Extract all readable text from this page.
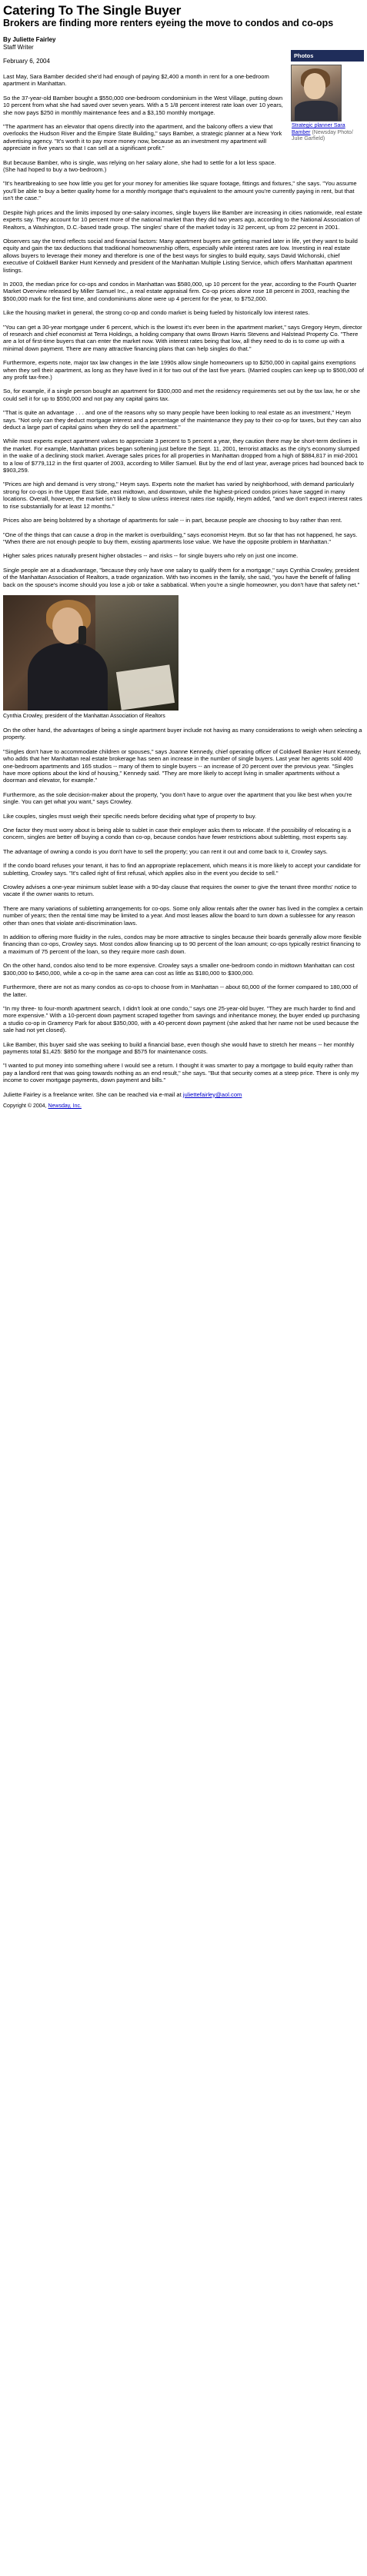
Catering To The Single Buyer
Brokers are finding more renters eyeing the move to condos and co-ops
By Juliette Fairley
Staff Writer
February 6, 2004
Photos
Strategic planner Sara Bamber (Newsday Photo/ Julie Garfield)

Last May, Sara Bamber decided she'd had enough of paying $2,400 a month in rent for a one-bedroom apartment in Manhattan.

So the 37-year-old Bamber bought a $550,000 one-bedroom condominium in the West Village, putting down 10 percent from what she had saved over seven years. With a 5 1/8 percent interest rate loan over 10 years, she now pays $250 in monthly maintenance fees and a $3,150 monthly mortgage.

"The apartment has an elevator that opens directly into the apartment, and the balcony offers a view that overlooks the Hudson River and the Empire State Building," says Bamber, a strategic planner at a New York advertising agency. "It's worth it to pay more money now, because as an investment my apartment will appreciate in five years so that I can sell at a significant profit."

But because Bamber, who is single, was relying on her salary alone, she had to settle for a lot less space. (She had hoped to buy a two-bedroom.)

"It's heartbreaking to see how little you get for your money for amenities like square footage, fittings and fixtures," she says. "You assume you'll be able to buy a better quality home for a monthly mortgage that's equivalent to the amount you're currently paying in rent, but that isn't the case."

Despite high prices and the limits imposed by one-salary incomes, single buyers like Bamber are increasing in cities nationwide, real estate experts say. They account for 10 percent more of the national market than they did two years ago, according to the National Association of Realtors, a Washington, D.C.-based trade group. The singles' share of the market today is 32 percent, up from 22 percent in 2001.

Observers say the trend reflects social and financial factors: Many apartment buyers are getting married later in life, yet they want to build equity and gain the tax deductions that traditional homeownership offers, especially while interest rates are low. Investing in real estate allows buyers to leverage their money and therefore is one of the best ways for singles to build equity, says David Wichonski, chief executive of Coldwell Banker Hunt Kennedy and president of the Manhattan Multiple Listing Service, which offers Manhattan apartment listings.

In 2003, the median price for co-ops and condos in Manhattan was $580,000, up 10 percent for the year, according to the Fourth Quarter Market Overview released by Miller Samuel Inc., a real estate appraisal firm. Co-op prices alone rose 18 percent in 2003, reaching the $500,000 mark for the first time, and condominiums alone were up 4 percent for the year, to $752,000.

Like the housing market in general, the strong co-op and condo market is being fueled by historically low interest rates.

"You can get a 30-year mortgage under 6 percent, which is the lowest it's ever been in the apartment market," says Gregory Heym, director of research and chief economist at Terra Holdings, a holding company that owns Brown Harris Stevens and Halstead Property Co. "There are a lot of first-time buyers that can enter the market now. With interest rates being that low, all they need to do is to come up with a minimal down payment. There are many attractive financing plans that can help singles do that."

Furthermore, experts note, major tax law changes in the late 1990s allow single homeowners up to $250,000 in capital gains exemptions when they sell their apartment, as long as they have lived in it for two out of the last five years. (Married couples can keep up to $500,000 of any profit tax-free.)

So, for example, if a single person bought an apartment for $300,000 and met the residency requirements set out by the tax law, he or she could sell it for up to $550,000 and not pay any capital gains tax.

"That is quite an advantage . . . and one of the reasons why so many people have been looking to real estate as an investment," Heym says. "Not only can they deduct mortgage interest and a percentage of the maintenance they pay to their co-op for taxes, but they can also deduct a large part of capital gains when they do sell the apartment."

While most experts expect apartment values to appreciate 3 percent to 5 percent a year, they caution there may be short-term declines in the market. For example, Manhattan prices began softening just before the Sept. 11, 2001, terrorist attacks as the city's economy slumped in the wake of a declining stock market. Average sales prices for all properties in Manhattan dropped from a high of $884,817 in mid-2001 to a low of $779,112 in the first quarter of 2003, according to Miller Samuel. But by the end of last year, average prices had bounced back to $903,259.

"Prices are high and demand is very strong," Heym says. Experts note the market has varied by neighborhood, with demand particularly strong for co-ops in the Upper East Side, east midtown, and downtown, while the highest-priced condos prices have sagged in many locations. Overall, however, the market isn't likely to slow unless interest rates rise rapidly, Heym added, "and we don't expect interest rates to rise substantially for at least 12 months."

Prices also are being bolstered by a shortage of apartments for sale -- in part, because people are choosing to buy rather than rent.

"One of the things that can cause a drop in the market is overbuilding," says economist Heym. But so far that has not happened, he says. "When there are not enough people to buy them, existing apartments lose value. We have the opposite problem in Manhattan."

Higher sales prices naturally present higher obstacles -- and risks -- for single buyers who rely on just one income.

Single people are at a disadvantage, "because they only have one salary to qualify them for a mortgage," says Cynthia Crowley, president of the Manhattan Association of Realtors, a trade organization. With two incomes in the family, she said, "you have the benefit of falling back on the spouse's income should you lose a job or take a sabbatical. When you're a single homeowner, you don't have that safety net."

Cynthia Crowley, president of the Manhattan Association of Realtors

On the other hand, the advantages of being a single apartment buyer include not having as many considerations to weigh when selecting a property.

"Singles don't have to accommodate children or spouses," says Joanne Kennedy, chief operating officer of Coldwell Banker Hunt Kennedy, who adds that her Manhattan real estate brokerage has seen an increase in the number of single buyers. Last year her agents sold 400 one-bedroom apartments and 165 studios -- many of them to single buyers -- an increase of 20 percent over the previous year. "Singles have more options about the kind of housing," Kennedy said. "They are more likely to accept living in smaller apartments without a doorman and elevator, for example."

Furthermore, as the sole decision-maker about the property, "you don't have to argue over the apartment that you like best when you're single. You can get what you want," says Crowley.

Like couples, singles must weigh their specific needs before deciding what type of property to buy.

One factor they must worry about is being able to sublet in case their employer asks them to relocate. If the possibility of relocating is a concern, singles are better off buying a condo than co-op, because condos have fewer restrictions about subletting, most experts say.

The advantage of owning a condo is you don't have to sell the property; you can rent it out and come back to it, Crowley says.

If the condo board refuses your tenant, it has to find an appropriate replacement, which means it is more likely to accept your candidate for subletting, Crowley says. "It's called right of first refusal, which applies also in the event you decide to sell."

Crowley advises a one-year minimum sublet lease with a 90-day clause that requires the owner to give the tenant three months' notice to vacate if the owner wants to return.

There are many variations of subletting arrangements for co-ops. Some only allow rentals after the owner has lived in the complex a certain number of years; then the rental time may be limited to a year. And most leases allow the board to turn down a sublessee for any reason other than ones that violate anti-discrimination laws.

In addition to offering more fluidity in the rules, condos may be more attractive to singles because their boards generally allow more flexible financing than co-ops, Crowley says. Most condos allow financing up to 90 percent of the loan amount; co-ops typically restrict financing to a maximum of 75 percent of the loan, so they require more cash down.

On the other hand, condos also tend to be more expensive. Crowley says a smaller one-bedroom condo in midtown Manhattan can cost $300,000 to $450,000, while a co-op in the same area can cost as little as $180,000 to $300,000.

Furthermore, there are not as many condos as co-ops to choose from in Manhattan -- about 60,000 of the former compared to 180,000 of the latter.

"In my three- to four-month apartment search, I didn't look at one condo," says one 25-year-old buyer. "They are much harder to find and more expensive." With a 10-percent down payment scraped together from savings and inheritance money, the buyer ended up purchasing a studio co-op in Gramercy Park for about $350,000, with a 40-percent down payment (she asked that her name not be used because the sale had not yet closed).

Like Bamber, this buyer said she was seeking to build a financial base, even though she would have to stretch her means -- her monthly payments total $1,425: $850 for the mortgage and $575 for maintenance costs.

"I wanted to put money into something where I would see a return. I thought it was smarter to pay a mortgage to build equity rather than pay a landlord rent that was going towards nothing as an end result," she says. "But that security comes at a steep price. There is only my income to cover mortgage payments, down payment and bills."

Juliette Fairley is a freelance writer. She can be reached via e-mail at juliettefairley@aol.com

Copyright © 2004, Newsday, Inc.
